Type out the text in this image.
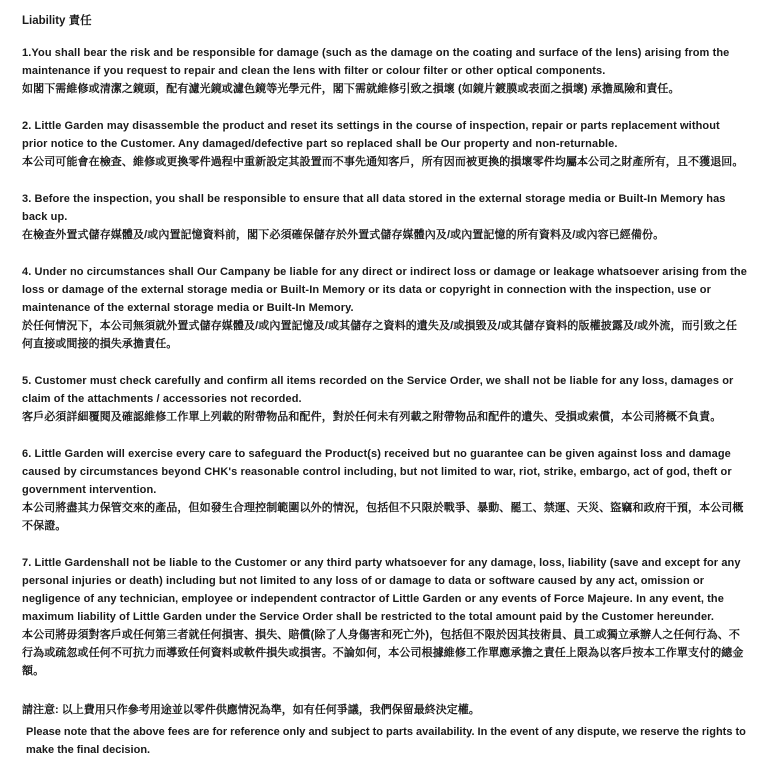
Liability 責任

1.You shall bear the risk and be responsible for damage (such as the damage on the coating and surface of the lens) arising from the maintenance if you request to repair and clean the lens with filter or colour filter or other optical components.

如閣下需維修或清潔之鏡頭，配有濾光鏡或濾色鏡等光學元件，閣下需就維修引致之損壞 (如鏡片鍍膜或表面之損壞) 承擔風險和責任。

2. Little Garden may disassemble the product and reset its settings in the course of inspection, repair or parts replacement without prior notice to the Customer. Any damaged/defective part so replaced shall be Our property and non-returnable.

本公司可能會在檢查、維修或更換零件過程中重新設定其設置而不事先通知客戶，所有因而被更換的損壞零件均屬本公司之財產所有，且不獲退回。

3. Before the inspection, you shall be responsible to ensure that all data stored in the external storage media or Built-In Memory has back up.

在檢查外置式儲存媒體及/或內置記憶資料前，閣下必須確保儲存於外置式儲存媒體內及/或內置記憶的所有資料及/或內容已經備份。

4. Under no circumstances shall Our Campany be liable for any direct or indirect loss or damage or leakage whatsoever arising from the loss or damage of the external storage media or Built-In Memory or its data or copyright in connection with the inspection, use or maintenance of the external storage media or Built-In Memory.

於任何情況下，本公司無須就外置式儲存媒體及/或內置記憶及/或其儲存之資料的遺失及/或損毀及/或其儲存資料的版權披露及/或外流，而引致之任何直接或間接的損失承擔責任。

5. Customer must check carefully and confirm all items recorded on the Service Order, we shall not be liable for any loss, damages or claim of the attachments / accessories not recorded.

客戶必須詳細覆閱及確認維修工作單上列載的附帶物品和配件，對於任何未有列載之附帶物品和配件的遺失、受損或索償，本公司將概不負責。

6. Little Garden will exercise every care to safeguard the Product(s) received but no guarantee can be given against loss and damage caused by circumstances beyond CHK's reasonable control including, but not limited to war, riot, strike, embargo, act of god, theft or government intervention.

本公司將盡其力保管交來的產品，但如發生合理控制範圍以外的情況，包括但不只限於戰爭、暴動、罷工、禁運、天災、盜竊和政府干預，本公司概不保證。

7. Little Gardenshall not be liable to the Customer or any third party whatsoever for any damage, loss, liability (save and except for any personal injuries or death) including but not limited to any loss of or damage to data or software caused by any act, omission or negligence of any technician, employee or independent contractor of Little Garden or any events of Force Majeure. In any event, the maximum liability of Little Garden under the Service Order shall be restricted to the total amount paid by the Customer hereunder.

本公司將毋須對客戶或任何第三者就任何損害、損失、賠償(除了人身傷害和死亡外)，包括但不限於因其技術員、員工或獨立承辦人之任何行為、不行為或疏忽或任何不可抗力而導致任何資料或軟件損失或損害。不論如何，本公司根據維修工作單應承擔之責任上限為以客戶按本工作單支付的總金額。

請注意: 以上費用只作參考用途並以零件供應情況為準，如有任何爭議，我們保留最終決定權。

Please note that the above fees are for reference only and subject to parts availability. In the event of any dispute, we reserve the rights to make the final decision.
